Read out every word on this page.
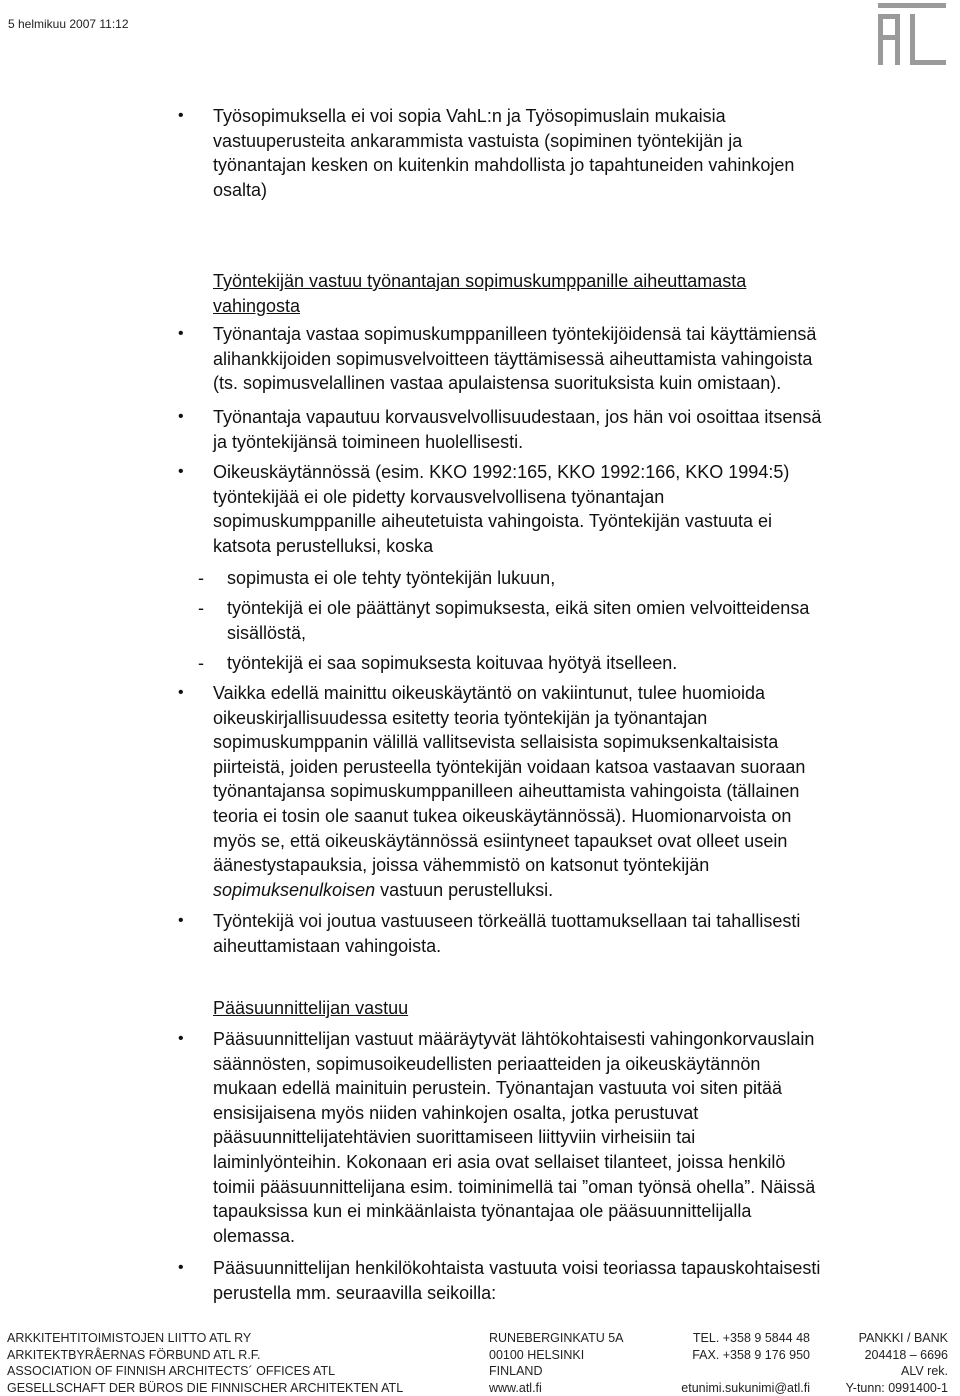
5 helmikuu 2007 11:12
• Työsopimuksella ei voi sopia VahL:n ja Työsopimuslain mukaisia
vastuuperusteita ankarammista vastuista (sopiminen työntekijän ja
työnantajan kesken on kuitenkin mahdollista jo tapahtuneiden vahinkojen
osalta)
Työntekijän vastuu työnantajan sopimuskumppanille aiheuttamasta
vahingosta
• Työnantaja vastaa sopimuskumppanilleen työntekijöidensä tai käyttämiensä
alihankkijoiden sopimusvelvoitteen täyttämisessä aiheuttamista vahingoista
(ts. sopimusvelallinen vastaa apulaistensa suorituksista kuin omistaan).
• Työnantaja vapautuu korvausvelvollisuudestaan, jos hän voi osoittaa itsensä
ja työntekijänsä toimineen huolellisesti.
• Oikeuskäytännössä (esim. KKO 1992:165, KKO 1992:166, KKO 1994:5)
työntekijää ei ole pidetty korvausvelvollisena työnantajan
sopimuskumppanille aiheutetuista vahingoista. Työntekijän vastuuta ei
katsota perustelluksi, koska
- sopimusta ei ole tehty työntekijän lukuun,
- työntekijä ei ole päättänyt sopimuksesta, eikä siten omien velvoitteidensa
sisällöstä,
- työntekijä ei saa sopimuksesta koituvaa hyötyä itselleen.
• Vaikka edellä mainittu oikeuskäytäntö on vakiintunut, tulee huomioida
oikeuskirjallisuudessa esitetty teoria työntekijän ja työnantajan
sopimuskumppanin välillä vallitsevista sellaisista sopimuksenkaltaisista
piirteistä, joiden perusteella työntekijän voidaan katsoa vastaavan suoraan
työnantajansa sopimuskumppanilleen aiheuttamista vahingoista (tällainen
teoria ei tosin ole saanut tukea oikeuskäytännössä). Huomionarvoista on
myös se, että oikeuskäytännössä esiintyneet tapaukset ovat olleet usein
äänestystapauksia, joissa vähemmistö on katsonut työntekijän
sopimuksenulkoisen vastuun perustelluksi.
• Työntekijä voi joutua vastuuseen törkeällä tuottamuksellaan tai tahallisesti
aiheuttamistaan vahingoista.
Pääsuunnittelijan vastuu
• Pääsuunnittelijan vastuut määräytyvät lähtökohtaisesti vahingonkorvauslain
säännösten, sopimusoikeudellisten periaatteiden ja oikeuskäytännön
mukaan edellä mainituin perustein. Työnantajan vastuuta voi siten pitää
ensisijaisena myös niiden vahinkojen osalta, jotka perustuvat
pääsuunnittelijatehtävien suorittamiseen liittyviin virheisiin tai
laiminlyönteihin. Kokonaan eri asia ovat sellaiset tilanteet, joissa henkilö
toimii pääsuunnittelijana esim. toiminimellä tai ”oman työnsä ohella”. Näissä
tapauksissa kun ei minkäänlaista työnantajaa ole pääsuunnittelijalla
olemassa.
• Pääsuunnittelijan henkilökohtaista vastuuta voisi teoriassa tapauskohtaisesti
perustella mm. seuraavilla seikoilla:
ARKKITEHTITOIMISTOJEN LIITTO ATL RY
ARKITEKTBYRÅERNAS FÖRBUND ATL R.F.
ASSOCIATION OF FINNISH ARCHITECTS´ OFFICES ATL
GESELLSCHAFT DER BÜROS DIE FINNISCHER ARCHITEKTEN ATL
RUNEBERGINKATU 5A
00100 HELSINKI
FINLAND
www.atl.fi
TEL. +358 9 5844 48
FAX. +358 9 176 950
etunimi.sukunimi@atl.fi
PANKKI / BANK
204418 – 6696
ALV rek.
Y-tunn: 0991400-1
